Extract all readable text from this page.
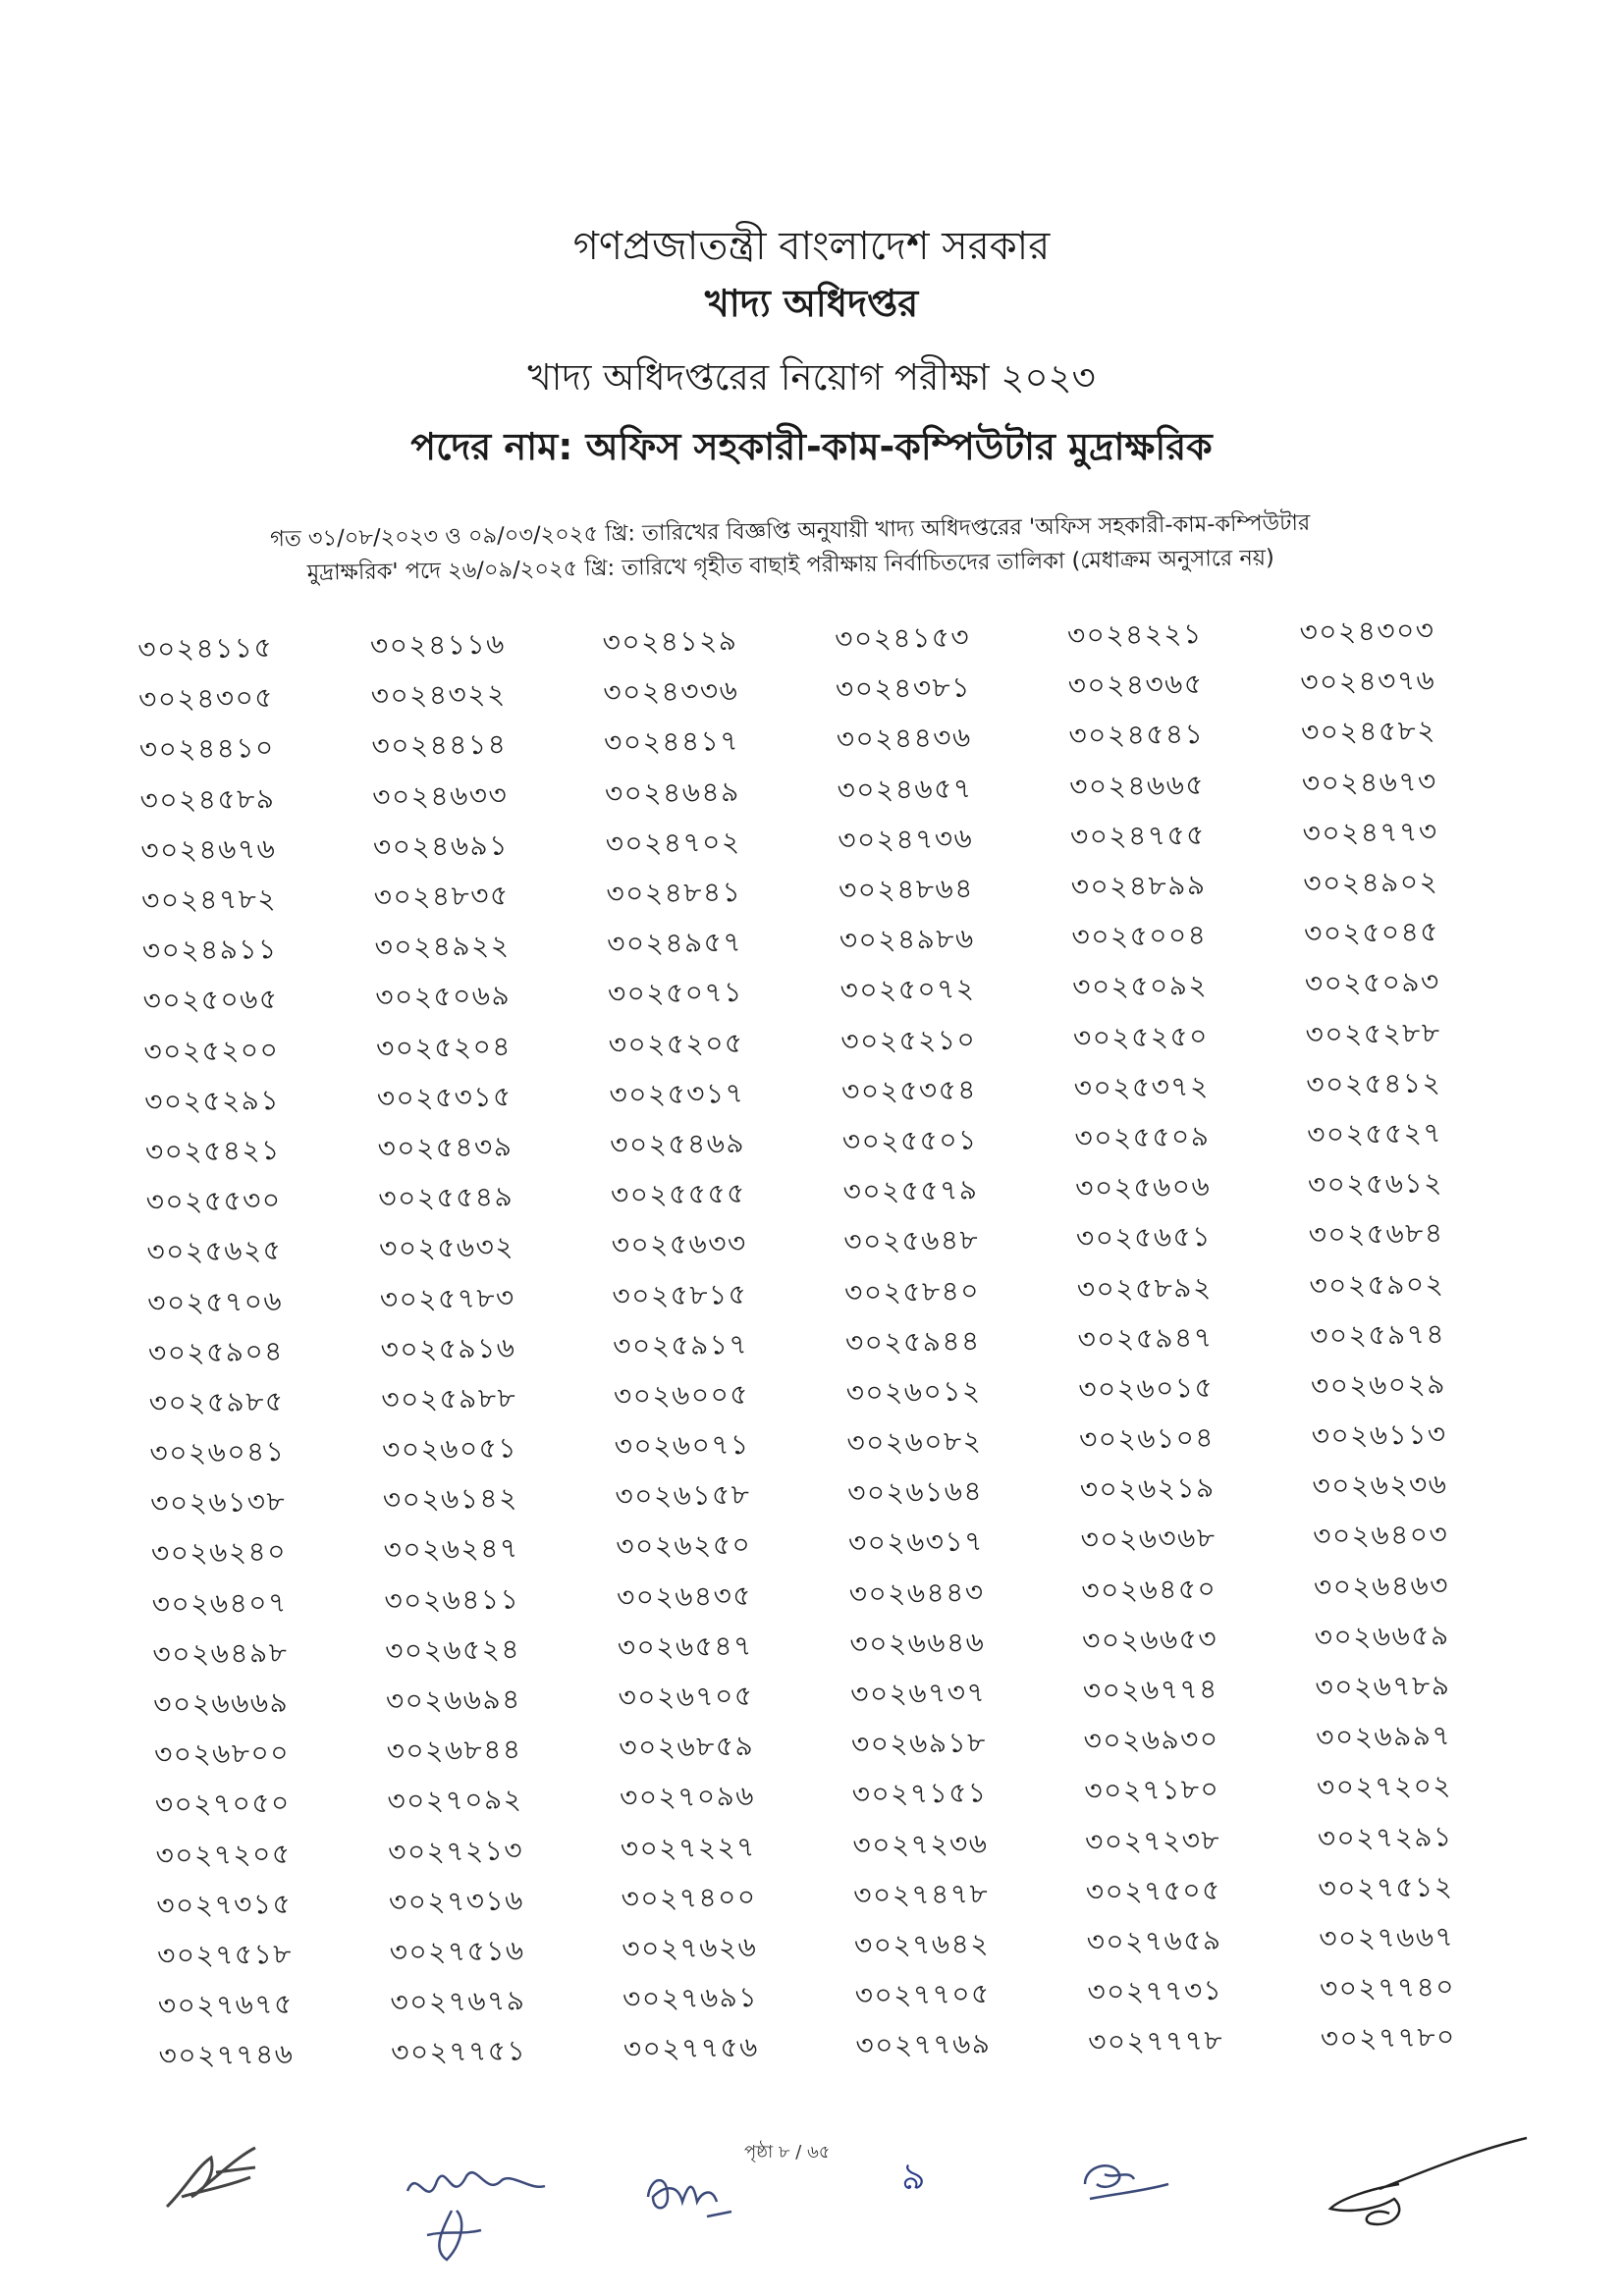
গণপ্রজাতন্ত্রী বাংলাদেশ সরকার

খাদ্য অধিদপ্তর

খাদ্য অধিদপ্তরের নিয়োগ পরীক্ষা ২০২৩

পদের নাম: অফিস সহকারী-কাম-কম্পিউটার মুদ্রাক্ষরিক

গত ৩১/০৮/২০২৩ ও ০৯/০৩/২০২৫ খ্রি: তারিখের বিজ্ঞপ্তি অনুযায়ী খাদ্য অধিদপ্তরের 'অফিস সহকারী-কাম-কম্পিউটার
মুদ্রাক্ষরিক' পদে ২৬/০৯/২০২৫ খ্রি: তারিখে গৃহীত বাছাই পরীক্ষায় নির্বাচিতদের তালিকা (মেধাক্রম অনুসারে নয়)
৩০২৪১১৫	৩০২৪১১৬	৩০২৪১২৯	৩০২৪১৫৩	৩০২৪২২১	৩০২৪৩০৩
৩০২৪৩০৫	৩০২৪৩২২	৩০২৪৩৩৬	৩০২৪৩৮১	৩০২৪৩৬৫	৩০২৪৩৭৬
৩০২৪৪১০	৩০২৪৪১৪	৩০২৪৪১৭	৩০২৪৪৩৬	৩০২৪৫৪১	৩০২৪৫৮২
৩০২৪৫৮৯	৩০২৪৬৩৩	৩০২৪৬৪৯	৩০২৪৬৫৭	৩০২৪৬৬৫	৩০২৪৬৭৩
৩০২৪৬৭৬	৩০২৪৬৯১	৩০২৪৭০২	৩০২৪৭৩৬	৩০২৪৭৫৫	৩০২৪৭৭৩
৩০২৪৭৮২	৩০২৪৮৩৫	৩০২৪৮৪১	৩০২৪৮৬৪	৩০২৪৮৯৯	৩০২৪৯০২
৩০২৪৯১১	৩০২৪৯২২	৩০২৪৯৫৭	৩০২৪৯৮৬	৩০২৫০০৪	৩০২৫০৪৫
৩০২৫০৬৫	৩০২৫০৬৯	৩০২৫০৭১	৩০২৫০৭২	৩০২৫০৯২	৩০২৫০৯৩
৩০২৫২০০	৩০২৫২০৪	৩০২৫২০৫	৩০২৫২১০	৩০২৫২৫০	৩০২৫২৮৮
৩০২৫২৯১	৩০২৫৩১৫	৩০২৫৩১৭	৩০২৫৩৫৪	৩০২৫৩৭২	৩০২৫৪১২
৩০২৫৪২১	৩০২৫৪৩৯	৩০২৫৪৬৯	৩০২৫৫০১	৩০২৫৫০৯	৩০২৫৫২৭
৩০২৫৫৩০	৩০২৫৫৪৯	৩০২৫৫৫৫	৩০২৫৫৭৯	৩০২৫৬০৬	৩০২৫৬১২
৩০২৫৬২৫	৩০২৫৬৩২	৩০২৫৬৩৩	৩০২৫৬৪৮	৩০২৫৬৫১	৩০২৫৬৮৪
৩০২৫৭০৬	৩০২৫৭৮৩	৩০২৫৮১৫	৩০২৫৮৪০	৩০২৫৮৯২	৩০২৫৯০২
৩০২৫৯০৪	৩০২৫৯১৬	৩০২৫৯১৭	৩০২৫৯৪৪	৩০২৫৯৪৭	৩০২৫৯৭৪
৩০২৫৯৮৫	৩০২৫৯৮৮	৩০২৬০০৫	৩০২৬০১২	৩০২৬০১৫	৩০২৬০২৯
৩০২৬০৪১	৩০২৬০৫১	৩০২৬০৭১	৩০২৬০৮২	৩০২৬১০৪	৩০২৬১১৩
৩০২৬১৩৮	৩০২৬১৪২	৩০২৬১৫৮	৩০২৬১৬৪	৩০২৬২১৯	৩০২৬২৩৬
৩০২৬২৪০	৩০২৬২৪৭	৩০২৬২৫০	৩০২৬৩১৭	৩০২৬৩৬৮	৩০২৬৪০৩
৩০২৬৪০৭	৩০২৬৪১১	৩০২৬৪৩৫	৩০২৬৪৪৩	৩০২৬৪৫০	৩০২৬৪৬৩
৩০২৬৪৯৮	৩০২৬৫২৪	৩০২৬৫৪৭	৩০২৬৬৪৬	৩০২৬৬৫৩	৩০২৬৬৫৯
৩০২৬৬৬৯	৩০২৬৬৯৪	৩০২৬৭০৫	৩০২৬৭৩৭	৩০২৬৭৭৪	৩০২৬৭৮৯
৩০২৬৮০০	৩০২৬৮৪৪	৩০২৬৮৫৯	৩০২৬৯১৮	৩০২৬৯৩০	৩০২৬৯৯৭
৩০২৭০৫০	৩০২৭০৯২	৩০২৭০৯৬	৩০২৭১৫১	৩০২৭১৮০	৩০২৭২০২
৩০২৭২০৫	৩০২৭২১৩	৩০২৭২২৭	৩০২৭২৩৬	৩০২৭২৩৮	৩০২৭২৯১
৩০২৭৩১৫	৩০২৭৩১৬	৩০২৭৪০০	৩০২৭৪৭৮	৩০২৭৫০৫	৩০২৭৫১২
৩০২৭৫১৮	৩০২৭৫১৬	৩০২৭৬২৬	৩০২৭৬৪২	৩০২৭৬৫৯	৩০২৭৬৬৭
৩০২৭৬৭৫	৩০২৭৬৭৯	৩০২৭৬৯১	৩০২৭৭০৫	৩০২৭৭৩১	৩০২৭৭৪০
৩০২৭৭৪৬	৩০২৭৭৫১	৩০২৭৭৫৬	৩০২৭৭৬৯	৩০২৭৭৭৮	৩০২৭৭৮০
পৃষ্ঠা ৮ / ৬৫
৯
